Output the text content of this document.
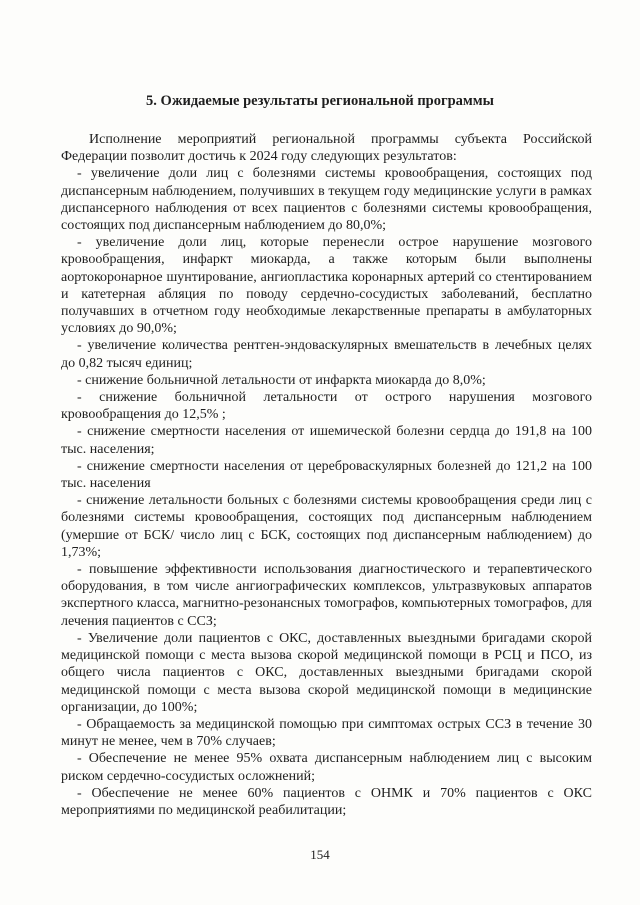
5. Ожидаемые результаты региональной программы

Исполнение мероприятий региональной программы субъекта Российской Федерации позволит достичь к 2024 году следующих результатов:

- увеличение доли лиц с болезнями системы кровообращения, состоящих под диспансерным наблюдением, получивших в текущем году медицинские услуги в рамках диспансерного наблюдения от всех пациентов с болезнями системы кровообращения, состоящих под диспансерным наблюдением до 80,0%;

- увеличение доли лиц, которые перенесли острое нарушение мозгового кровообращения, инфаркт миокарда, а также которым были выполнены аортокоронарное шунтирование, ангиопластика коронарных артерий со стентированием и катетерная абляция по поводу сердечно-сосудистых заболеваний, бесплатно получавших в отчетном году необходимые лекарственные препараты в амбулаторных условиях до 90,0%;

- увеличение количества рентген-эндоваскулярных вмешательств в лечебных целях до 0,82 тысяч единиц;

- снижение больничной летальности от инфаркта миокарда до 8,0%;

- снижение больничной летальности от острого нарушения мозгового кровообращения до 12,5% ;

- снижение смертности населения от ишемической болезни сердца до 191,8 на 100 тыс. населения;

- снижение смертности населения от цереброваскулярных болезней до 121,2 на 100 тыс. населения

- снижение летальности больных с болезнями системы кровообращения среди лиц с болезнями системы кровообращения, состоящих под диспансерным наблюдением (умершие от БСК/ число лиц с БСК, состоящих под диспансерным наблюдением) до 1,73%;

- повышение эффективности использования диагностического и терапевтического оборудования, в том числе ангиографических комплексов, ультразвуковых аппаратов экспертного класса, магнитно-резонансных томографов, компьютерных томографов, для лечения пациентов с ССЗ;

- Увеличение доли пациентов с ОКС, доставленных выездными бригадами скорой медицинской помощи с места вызова скорой медицинской помощи в РСЦ и ПСО, из общего числа пациентов с ОКС, доставленных выездными бригадами скорой медицинской помощи с места вызова скорой медицинской помощи в медицинские организации, до 100%;

- Обращаемость за медицинской помощью при симптомах острых ССЗ в течение 30 минут не менее, чем в 70% случаев;

- Обеспечение не менее 95% охвата диспансерным наблюдением лиц с высоким риском сердечно-сосудистых осложнений;

- Обеспечение не менее 60% пациентов с ОНМК и 70% пациентов с ОКС мероприятиями по медицинской реабилитации;

154
